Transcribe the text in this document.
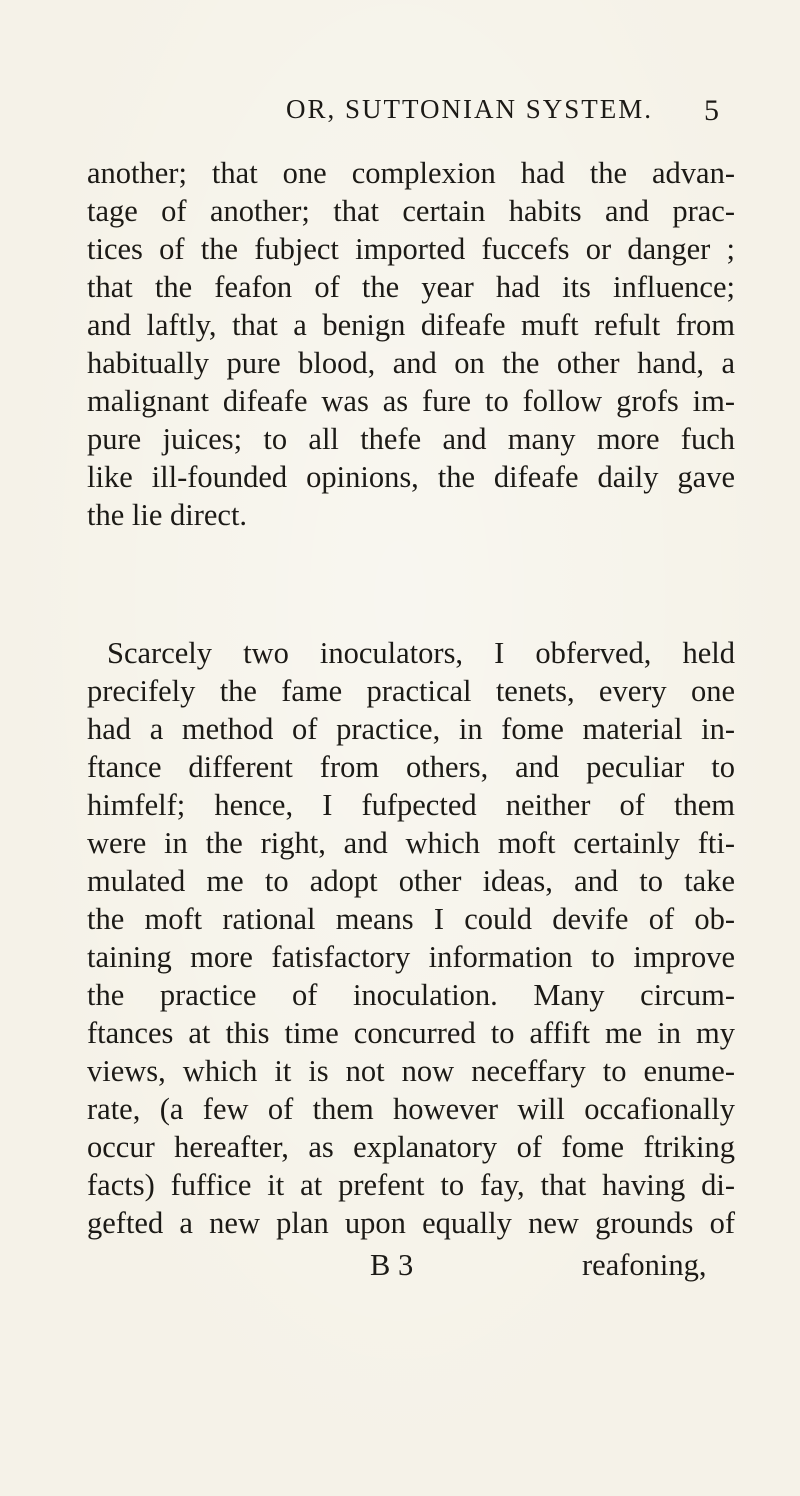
OR, SUTTONIAN SYSTEM. 5
another; that one complexion had the advan-
tage of another; that certain habits and prac-
tices of the fubject imported fuccefs or danger ;
that the feafon of the year had its influence;
and laftly, that a benign difeafe muft refult from
habitually pure blood, and on the other hand, a
malignant difeafe was as fure to follow grofs im-
pure juices; to all thefe and many more fuch
like ill-founded opinions, the difeafe daily gave
the lie direct.
Scarcely two inoculators, I obferved, held
precifely the fame practical tenets, every one
had a method of practice, in fome material in-
ftance different from others, and peculiar to
himfelf; hence, I fufpected neither of them
were in the right, and which moft certainly fti-
mulated me to adopt other ideas, and to take
the moft rational means I could devife of ob-
taining more fatisfactory information to improve
the practice of inoculation. Many circum-
ftances at this time concurred to affift me in my
views, which it is not now neceffary to enume-
rate, (a few of them however will occafionally
occur hereafter, as explanatory of fome ftriking
facts) fuffice it at prefent to fay, that having di-
gefted a new plan upon equally new grounds of
B 3	reafoning,
